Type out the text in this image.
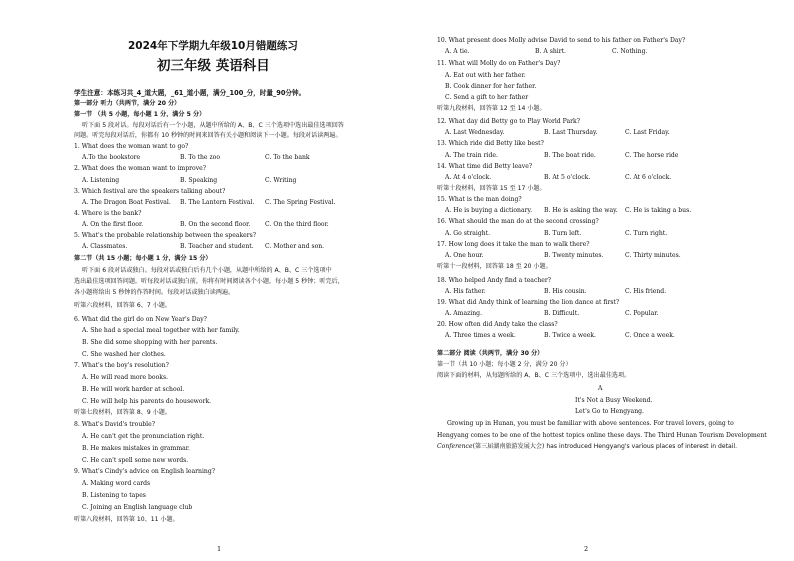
2024年下学期九年级10月错题练习
初三年级 英语科目
学生注意：本练习共_4_道大题，_61_道小题，满分_100_分，时量_90分钟。
第一部分 听力（共两节，满分 20 分）
第一节 （共 5 小题，每小题 1 分，满分 5 分）
听下面 5 段对话。每段对话后有一个小题，从题中所给的 A、B、C 三个选项中选出最佳选项回答
问题。听完每段对话后，你都有 10 秒钟的时间来回答有关小题和阅读下一小题。每段对话读两遍。
1. What does the woman want to go?
A.To the bookstore	B. To the zoo	C. To the bank
2. What does the woman want to improve?
A. Listening	B. Speaking	C. Writing
3. Which festival are the speakers talking about?
A. The Dragon Boat Festival. B. The Lantern Festival. C. The Spring Festival.
4. Where is the bank?
A. On the first floor.	B. On the second floor. C. On the third floor.
5. What's the probable relationship between the speakers?
A. Classmates.	B. Teacher and student. C. Mother and son.
第二节（共 15 小题；每小题 1 分，满分 15 分）
听下面 6 段对话或独白。每段对话或独白后有几个小题，从题中所给的 A、B、C 三个选项中
选出最佳选项回答问题。听每段对话或独白前，你将有时间阅读各个小题，每小题 5 秒钟；听完后，
各小题将给出 5 秒钟的作答时间。每段对话或独白读两遍。
听第六段材料，回答第 6、7 小题。
6. What did the girl do on New Year's Day?
A. She had a special meal together with her family.
B. She did some shopping with her parents.
C. She washed her clothes.
7. What's the boy's resolution?
A. He will read more books.
B. He will work harder at school.
C. He will help his parents do housework.
听第七段材料，回答第 8、9 小题。
8. What's David's trouble?
A. He can't get the pronunciation right.
B. He makes mistakes in grammar.
C. He can't spell some new words.
9. What's Cindy's advice on English learning?
A. Making word cards
B. Listening to tapes
C. Joining an English language club
听第八段材料，回答第 10、11 小题。
1
10. What present does Molly advise David to send to his father on Father's Day?
A. A tie.	B. A shirt.	C. Nothing.
11. What will Molly do on Father's Day?
A. Eat out with her father.
B. Cook dinner for her father.
C. Send a gift to her father
听第九段材料，回答第 12 至 14 小题。
12. What day did Betty go to Play World Park?
A. Last Wednesday.	B. Last Thursday.	C. Last Friday.
13. Which ride did Betty like best?
A. The train ride.	B. The boat ride.	C. The horse ride
14. What time did Betty leave?
A. At 4 o'clock.	B. At 5 o'clock.	C. At 6 o'clock.
听第十段材料，回答第 15 至 17 小题。
15. What is the man doing?
A. He is buying a dictionary. B. He is asking the way. C. He is taking a bus.
16. What should the man do at the second crossing?
A. Go straight.	B. Turn left.	C. Turn right.
17. How long does it take the man to walk there?
A. One hour.	B. Twenty minutes.	C. Thirty minutes.
听第十一段材料，回答第 18 至 20 小题。
18. Who helped Andy find a teacher?
A. His father.	B. His cousin.	C. His friend.
19. What did Andy think of learning the lion dance at first?
A. Amazing.	B. Difficult.	C. Popular.
20. How often did Andy take the class?
A. Three times a week.	B. Twice a week.	C. Once a week.
第二部分 阅读（共两节，满分 30 分）
第一节（共 10 小题；每小题 2 分，满分 20 分）
阅读下面的材料，从每题所给的 A、B、C 三个选项中，选出最佳选项。
A
It's Not a Busy Weekend.
Let's Go to Hengyang.
Growing up in Hunan, you must be familiar with above sentences. For travel lovers, going to
Hengyang comes to be one of the hottest topics online these days. The Third Hunan Tourism Development
Conference(第三届湖南旅游发展大会) has introduced Hengyang's various places of interest in detail.
2
